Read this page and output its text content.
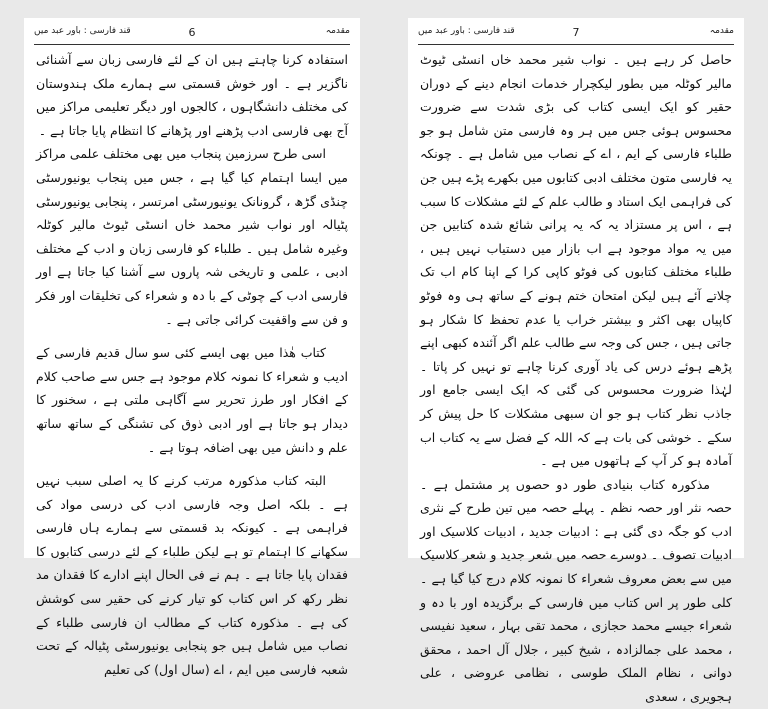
قند فارسی : باور عبد میں	6	مقدمہ

استفادہ کرنا چاہتے ہیں ان کے لئے فارسی زبان سے آشنائی ناگزیر ہے ۔ اور خوش قسمتی سے ہمارے ملک ہندوستان کی مختلف دانشگاہوں ، کالجوں اور دیگر تعلیمی مراکز میں آج بھی فارسی ادب پڑھنے اور پڑھانے کا انتظام پایا جاتا ہے ۔

اسی طرح سرزمین پنجاب میں بھی مختلف علمی مراکز میں ایسا اہتمام کیا گیا ہے ، جس میں پنجاب یونیورسٹی چنڈی گڑھ ، گرونانک یونیورسٹی امرتسر ، پنجابی یونیورسٹی پٹیالہ اور نواب شیر محمد خاں انسٹی ٹیوٹ مالیر کوٹلہ وغیرہ شامل ہیں ۔ طلباء کو فارسی زبان و ادب کے مختلف ادبی ، علمی و تاریخی شہ پاروں سے آشنا کیا جاتا ہے اور فارسی ادب کے چوٹی کے با دہ و شعراء کی تخلیقات اور فکر و فن سے واقفیت کرائی جاتی ہے ۔

کتاب ھٰذا میں بھی ایسے کئی سو سال قدیم فارسی کے ادیب و شعراء کا نمونہ کلام موجود ہے جس سے صاحب کلام کے افکار اور طرز تحریر سے آگاہی ملتی ہے ، سخنور کا دیدار ہو جاتا ہے اور ادبی ذوق کی تشنگی کے ساتھ ساتھ علم و دانش میں بھی اضافہ ہوتا ہے ۔

البتہ کتاب مذکورہ مرتب کرنے کا یہ اصلی سبب نہیں ہے ۔ بلکہ اصل وجہ فارسی ادب کی درسی مواد کی فراہمی ہے ۔ کیونکہ بد قسمتی سے ہمارے ہاں فارسی سکھانے کا اہتمام تو ہے لیکن طلباء کے لئے درسی کتابوں کا فقدان پایا جاتا ہے ۔ ہم نے فی الحال اپنے ادارے کا فقدان مد نظر رکھ کر اس کتاب کو تیار کرنے کی حقیر سی کوشش کی ہے ۔ مذکورہ کتاب کے مطالب ان فارسی طلباء کے نصاب میں شامل ہیں جو پنجابی یونیورسٹی پٹیالہ کے تحت شعبہ فارسی میں ایم ، اے (سال اول) کی تعلیم

قند فارسی : باور عبد میں	7	مقدمہ

حاصل کر رہے ہیں ۔ نواب شیر محمد خاں انسٹی ٹیوٹ مالیر کوٹلہ میں بطور لیکچرار خدمات انجام دینے کے دوران حقیر کو ایک ایسی کتاب کی بڑی شدت سے ضرورت محسوس ہوئی جس میں ہر وہ فارسی متن شامل ہو جو طلباء فارسی کے ایم ، اے کے نصاب میں شامل ہے ۔ چونکہ یہ فارسی متون مختلف ادبی کتابوں میں بکھرے پڑے ہیں جن کی فراہمی ایک استاد و طالب علم کے لئے مشکلات کا سبب ہے ، اس پر مستزاد یہ کہ یہ پرانی شائع شدہ کتابیں جن میں یہ مواد موجود ہے اب بازار میں دستیاب نہیں ہیں ، طلباء مختلف کتابوں کی فوٹو کاپی کرا کے اپنا کام اب تک چلاتے آئے ہیں لیکن امتحان ختم ہونے کے ساتھ ہی وہ فوٹو کاپیاں بھی اکثر و بیشتر خراب یا عدم تحفظ کا شکار ہو جاتی ہیں ، جس کی وجہ سے طالب علم اگر آئندہ کبھی اپنے پڑھے ہوئے درس کی یاد آوری کرنا چاہے تو نہیں کر پاتا ۔ لہٰذا ضرورت محسوس کی گئی کہ ایک ایسی جامع اور جاذب نظر کتاب ہو جو ان سبھی مشکلات کا حل پیش کر سکے ۔ خوشی کی بات ہے کہ اللہ کے فضل سے یہ کتاب اب آمادہ ہو کر آپ کے ہاتھوں میں ہے ۔

مذکورہ کتاب بنیادی طور دو حصوں پر مشتمل ہے ۔ حصہ نثر اور حصہ نظم ۔ پہلے حصہ میں تین طرح کے نثری ادب کو جگہ دی گئی ہے : ادبیات جدید ، ادبیات کلاسیک اور ادبیات تصوف ۔ دوسرے حصہ میں شعر جدید و شعر کلاسیک میں سے بعض معروف شعراء کا نمونہ کلام درج کیا گیا ہے ۔ کلی طور پر اس کتاب میں فارسی کے برگزیدہ اور با دہ و شعراء جیسے محمد حجازی ، محمد تقی بہار ، سعید نفیسی ، محمد علی جمالزادہ ، شیخ کبیر ، جلال آل احمد ، محقق دوانی ، نظام الملک طوسی ، نظامی عروضی ، علی ہجویری ، سعدی
